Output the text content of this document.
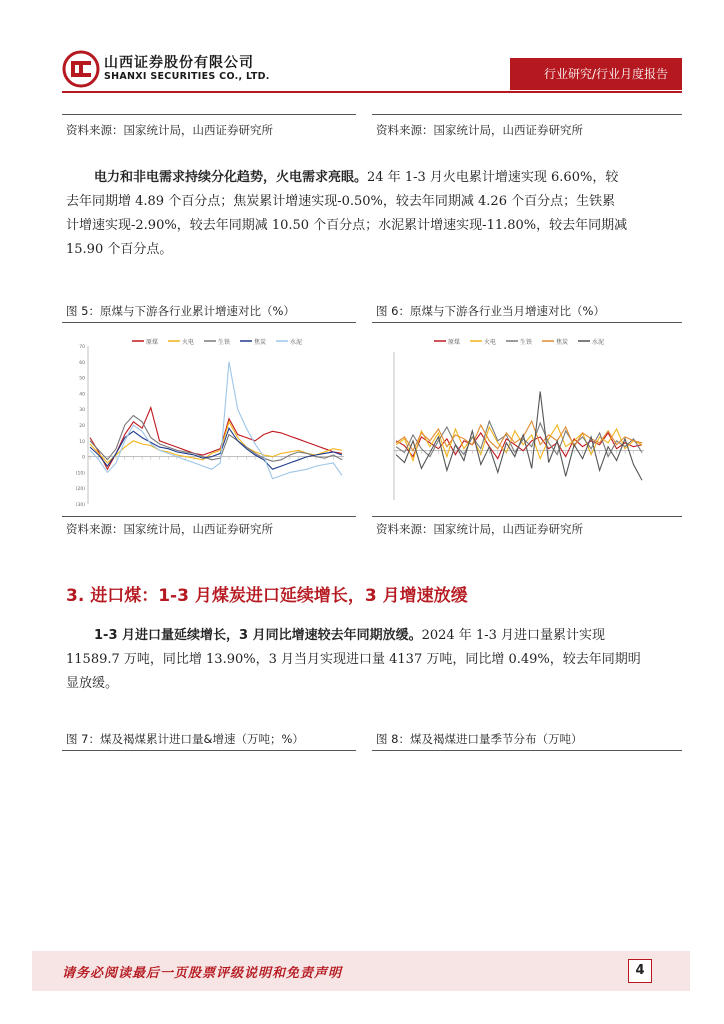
山西证券股份有限公司
SHANXI SECURITIES CO., LTD.	行业研究/行业月度报告
资料来源：国家统计局，山西证券研究所	资料来源：国家统计局，山西证券研究所
电力和非电需求持续分化趋势，火电需求亮眼。24 年 1-3 月火电累计增速实现 6.60%，较
去年同期增 4.89 个百分点；焦炭累计增速实现-0.50%，较去年同期减 4.26 个百分点；生铁累
计增速实现-2.90%，较去年同期减 10.50 个百分点；水泥累计增速实现-11.80%，较去年同期减
15.90 个百分点。
图 5：原煤与下游各行业累计增速对比（%）	图 6：原煤与下游各行业当月增速对比（%）
原煤	火电	生铁	焦炭	水泥
70
60
50
40
30
20
10
0
(10)
(20)
(30)
原煤	火电	生铁	焦炭	水泥
资料来源：国家统计局，山西证券研究所	资料来源：国家统计局，山西证券研究所
3. 进口煤：1-3 月煤炭进口延续增长，3 月增速放缓
1-3 月进口量延续增长，3 月同比增速较去年同期放缓。2024 年 1-3 月进口量累计实现
11589.7 万吨，同比增 13.90%，3 月当月实现进口量 4137 万吨，同比增 0.49%，较去年同期明
显放缓。
图 7：煤及褐煤累计进口量&增速（万吨；%）	图 8：煤及褐煤进口量季节分布（万吨）
请务必阅读最后一页股票评级说明和免责声明	4
